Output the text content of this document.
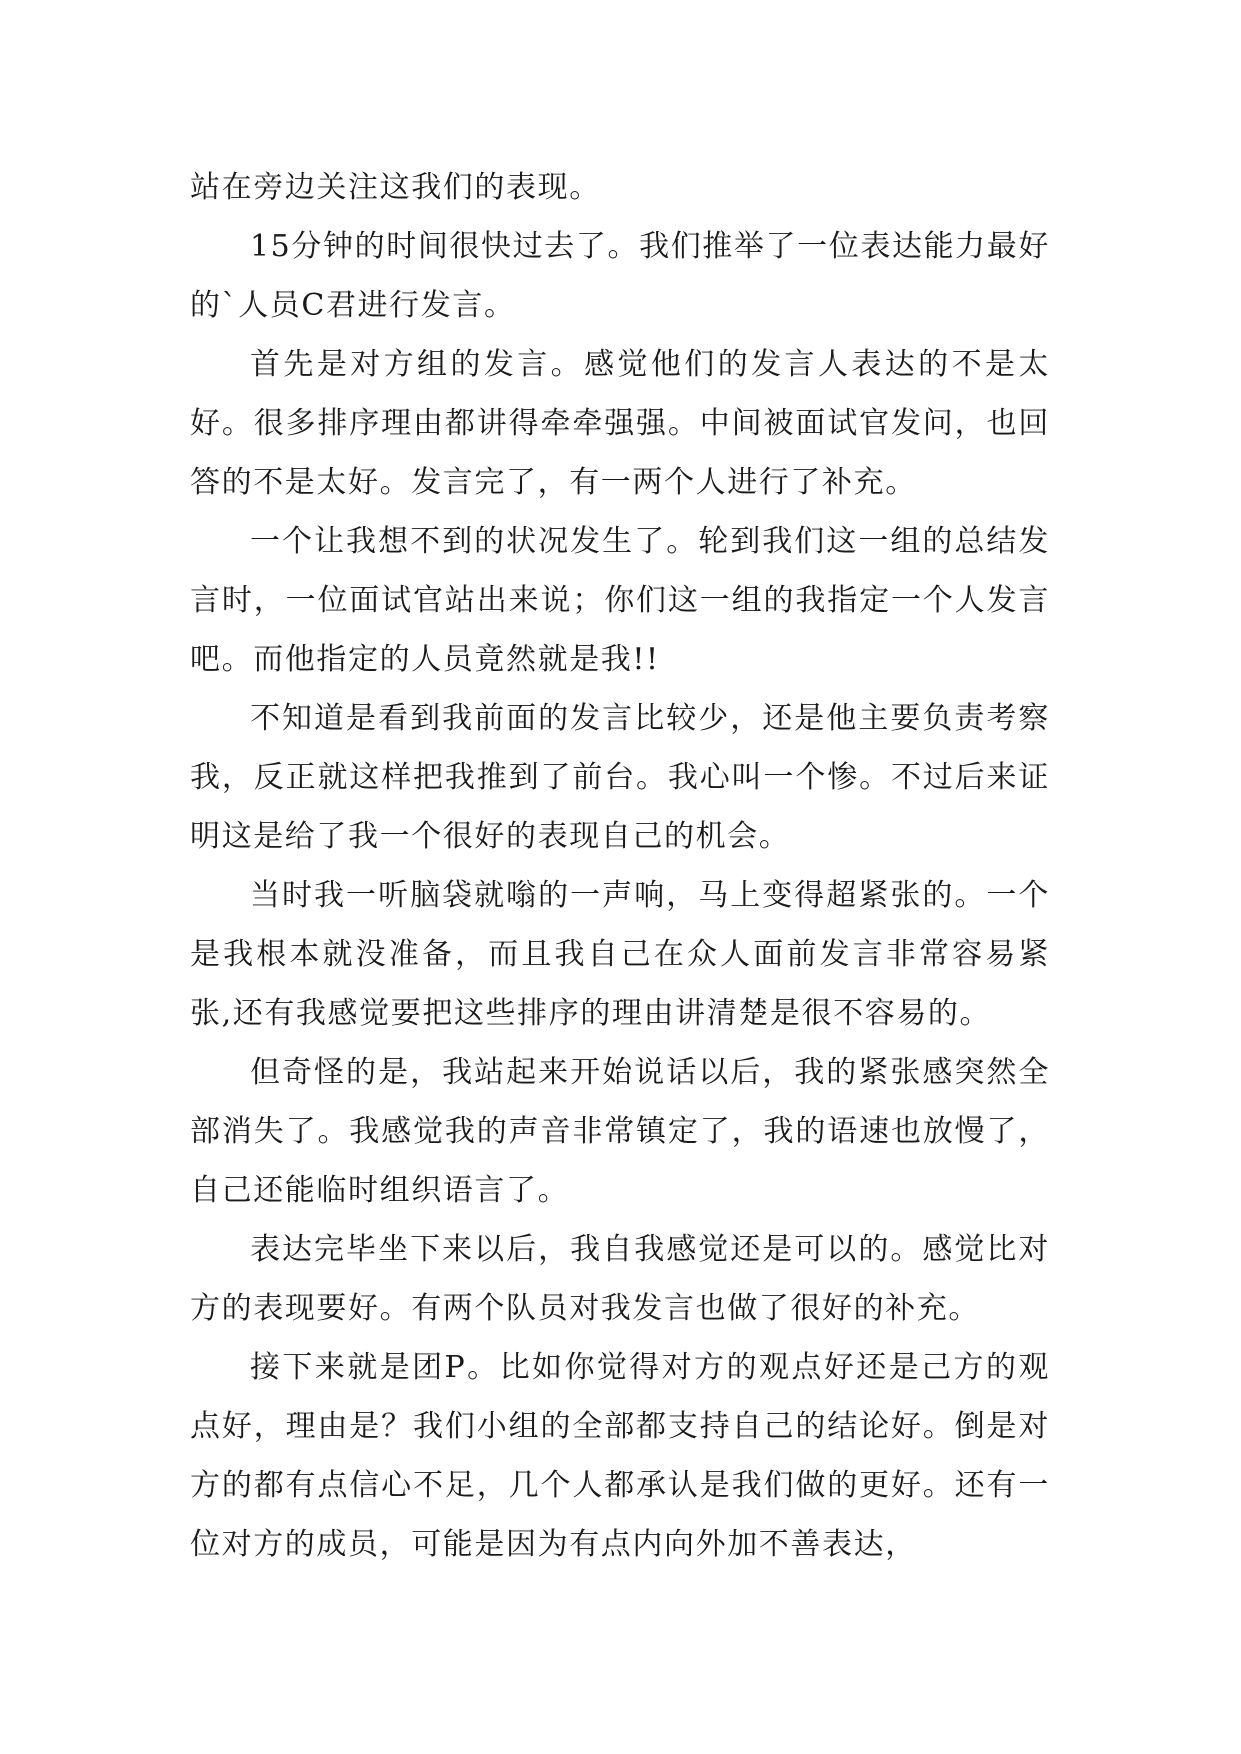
站在旁边关注这我们的表现。

15分钟的时间很快过去了。我们推举了一位表达能力最好的`人员C君进行发言。

首先是对方组的发言。感觉他们的发言人表达的不是太好。很多排序理由都讲得牵牵强强。中间被面试官发问，也回答的不是太好。发言完了，有一两个人进行了补充。

一个让我想不到的状况发生了。轮到我们这一组的总结发言时，一位面试官站出来说；你们这一组的我指定一个人发言吧。而他指定的人员竟然就是我!!

不知道是看到我前面的发言比较少，还是他主要负责考察我，反正就这样把我推到了前台。我心叫一个惨。不过后来证明这是给了我一个很好的表现自己的机会。

当时我一听脑袋就嗡的一声响，马上变得超紧张的。一个是我根本就没准备，而且我自己在众人面前发言非常容易紧张,还有我感觉要把这些排序的理由讲清楚是很不容易的。

但奇怪的是，我站起来开始说话以后，我的紧张感突然全部消失了。我感觉我的声音非常镇定了，我的语速也放慢了，自己还能临时组织语言了。

表达完毕坐下来以后，我自我感觉还是可以的。感觉比对方的表现要好。有两个队员对我发言也做了很好的补充。

接下来就是团P。比如你觉得对方的观点好还是己方的观点好，理由是？我们小组的全部都支持自己的结论好。倒是对方的都有点信心不足，几个人都承认是我们做的更好。还有一位对方的成员，可能是因为有点内向外加不善表达，
